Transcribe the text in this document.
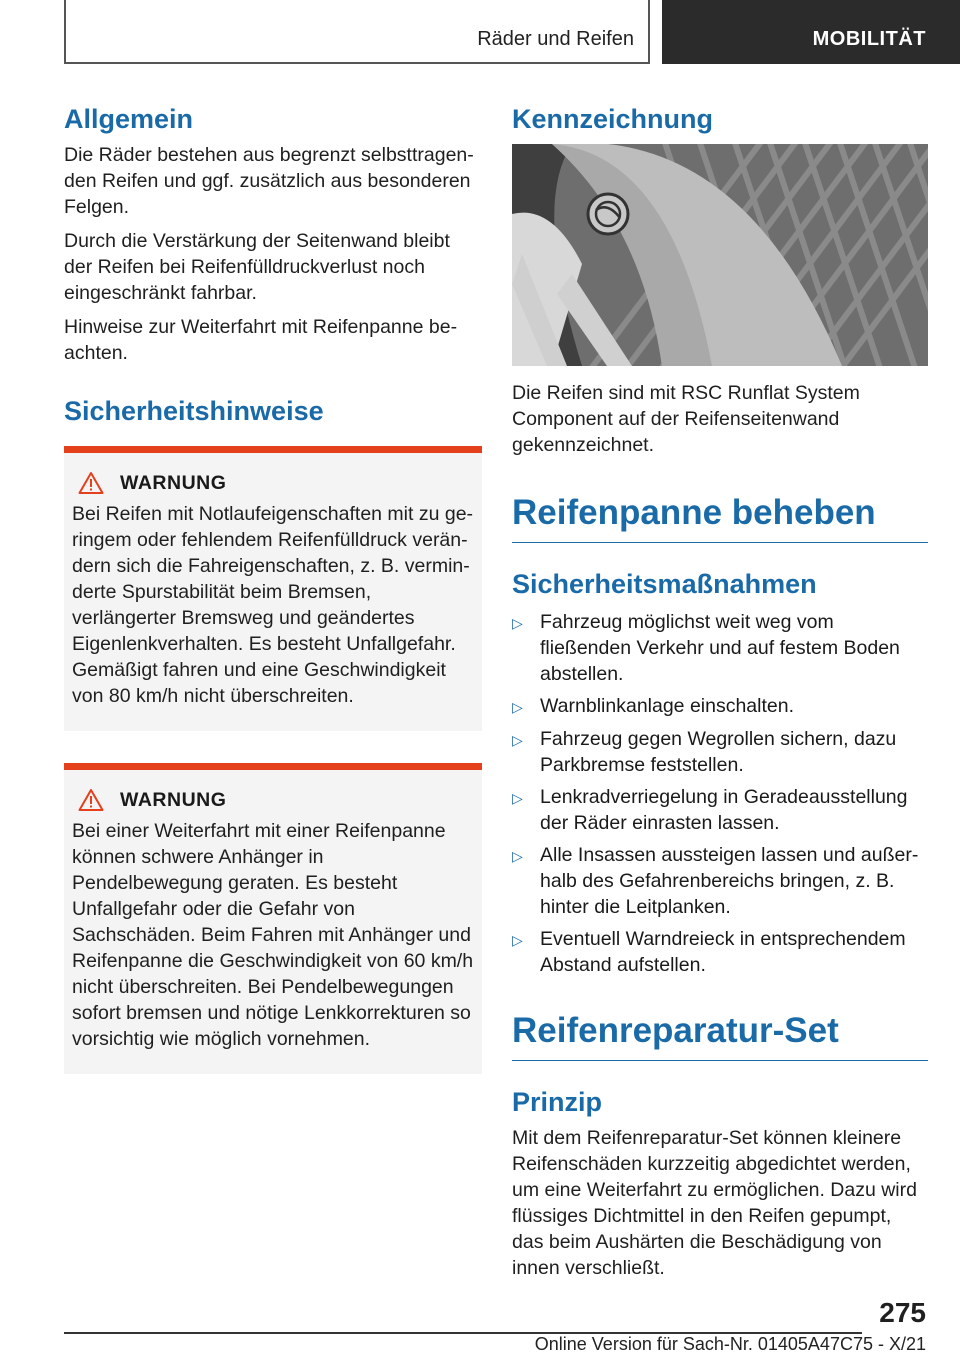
Räder und Reifen	MOBILITÄT
Allgemein

Die Räder bestehen aus begrenzt selbsttragenden Reifen und ggf. zusätzlich aus besonderen Felgen.

Durch die Verstärkung der Seitenwand bleibt der Reifen bei Reifenfülldruckverlust noch eingeschränkt fahrbar.

Hinweise zur Weiterfahrt mit Reifenpanne beachten.

Sicherheitshinweise
WARNUNG
Bei Reifen mit Notlaufeigenschaften mit zu geringem oder fehlendem Reifenfülldruck verändern sich die Fahreigenschaften, z. B. verminderte Spurstabilität beim Bremsen, verlängerter Bremsweg und geändertes Eigenlenkverhalten. Es besteht Unfallgefahr. Gemäßigt fahren und eine Geschwindigkeit von 80 km/h nicht überschreiten.
WARNUNG
Bei einer Weiterfahrt mit einer Reifenpanne können schwere Anhänger in Pendelbewegung geraten. Es besteht Unfallgefahr oder die Gefahr von Sachschäden. Beim Fahren mit Anhänger und Reifenpanne die Geschwindigkeit von 60 km/h nicht überschreiten. Bei Pendelbewegungen sofort bremsen und nötige Lenkkorrekturen so vorsichtig wie möglich vornehmen.
Kennzeichnung

Die Reifen sind mit RSC Runflat System Component auf der Reifenseitenwand gekennzeichnet.

Reifenpanne beheben
Sicherheitsmaßnahmen
▷ Fahrzeug möglichst weit weg vom fließenden Verkehr und auf festem Boden abstellen.
▷ Warnblinkanlage einschalten.
▷ Fahrzeug gegen Wegrollen sichern, dazu Parkbremse feststellen.
▷ Lenkradverriegelung in Geradeausstellung der Räder einrasten lassen.
▷ Alle Insassen aussteigen lassen und außerhalb des Gefahrenbereichs bringen, z. B. hinter die Leitplanken.
▷ Eventuell Warndreieck in entsprechendem Abstand aufstellen.
Reifenreparatur-Set
Prinzip

Mit dem Reifenreparatur-Set können kleinere Reifenschäden kurzzeitig abgedichtet werden, um eine Weiterfahrt zu ermöglichen. Dazu wird flüssiges Dichtmittel in den Reifen gepumpt, das beim Aushärten die Beschädigung von innen verschließt.

275
Online Version für Sach-Nr. 01405A47C75 - X/21
